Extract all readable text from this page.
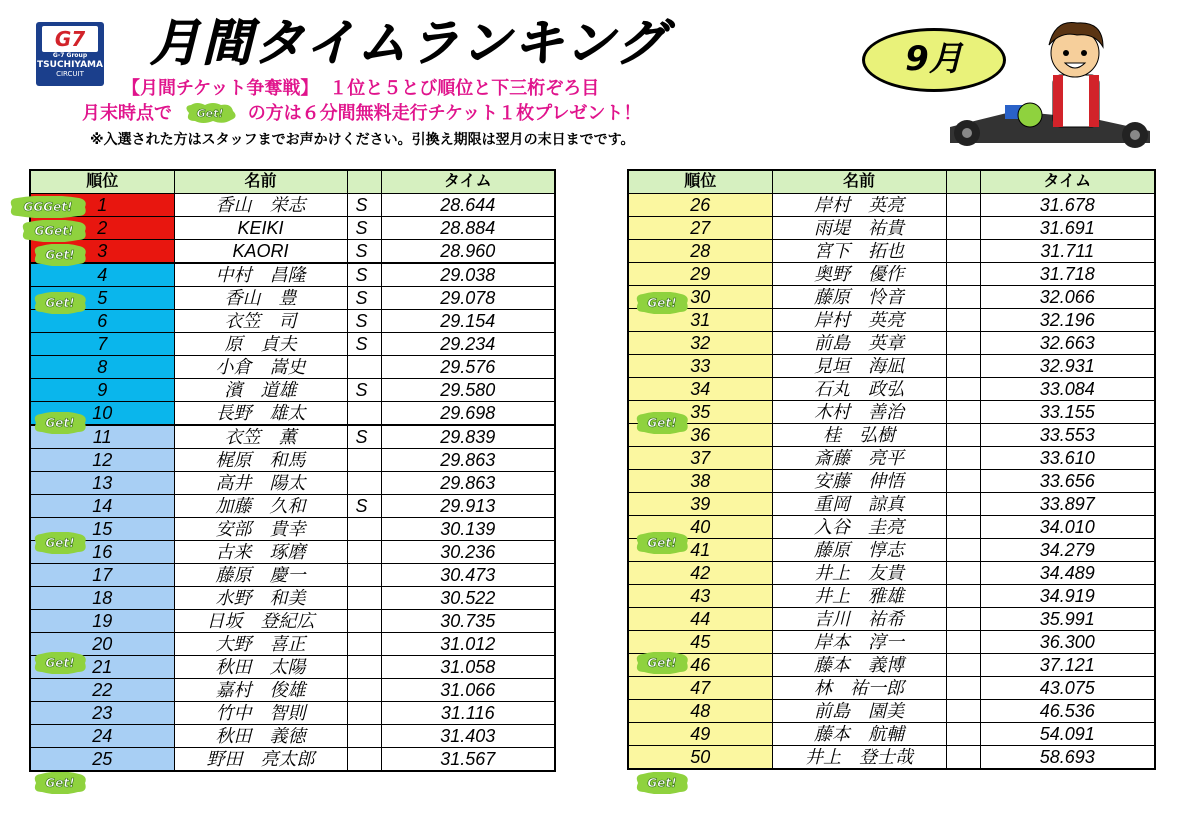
G7
G-7 Group
TSUCHIYAMA
CIRCUIT
月間タイムランキング	9月
【月間チケット争奪戦】 １位と５とび順位と下三桁ぞろ目
月末時点で Get! の方は６分間無料走行チケット１枚プレゼント！
※入選された方はスタッフまでお声かけください。引換え期限は翌月の末日までです。
順位	名前		タイム
1	香山　栄志	S	28.644
2	KEIKI	S	28.884
3	KAORI	S	28.960
4	中村　昌隆	S	29.038
5	香山　豊	S	29.078
6	衣笠　司	S	29.154
7	原　貞夫	S	29.234
8	小倉　嵩史		29.576
9	濱　道雄	S	29.580
10	長野　雄太		29.698
11	衣笠　薫	S	29.839
12	梶原　和馬		29.863
13	高井　陽太		29.863
14	加藤　久和	S	29.913
15	安部　貴幸		30.139
16	古来　琢磨		30.236
17	藤原　慶一		30.473
18	水野　和美		30.522
19	日坂　登紀広		30.735
20	大野　喜正		31.012
21	秋田　太陽		31.058
22	嘉村　俊雄		31.066
23	竹中　智則		31.116
24	秋田　義徳		31.403
25	野田　亮太郎		31.567
順位	名前		タイム
26	岸村　英亮		31.678
27	雨堤　祐貴		31.691
28	宮下　拓也		31.711
29	奥野　優作		31.718
30	藤原　怜音		32.066
31	岸村　英亮		32.196
32	前島　英章		32.663
33	見垣　海凪		32.931
34	石丸　政弘		33.084
35	木村　善治		33.155
36	桂　弘樹		33.553
37	斎藤　亮平		33.610
38	安藤　伸悟		33.656
39	重岡　諒真		33.897
40	入谷　圭亮		34.010
41	藤原　惇志		34.279
42	井上　友貴		34.489
43	井上　雅雄		34.919
44	吉川　祐希		35.991
45	岸本　淳一		36.300
46	藤本　義博		37.121
47	林　祐一郎		43.075
48	前島　園美		46.536
49	藤本　航輔		54.091
50	井上　登士哉		58.693
GGGet!
GGet!
Get!
Get!
Get!
Get!
Get!
Get!
Get!
Get!
Get!
Get!
Get!
